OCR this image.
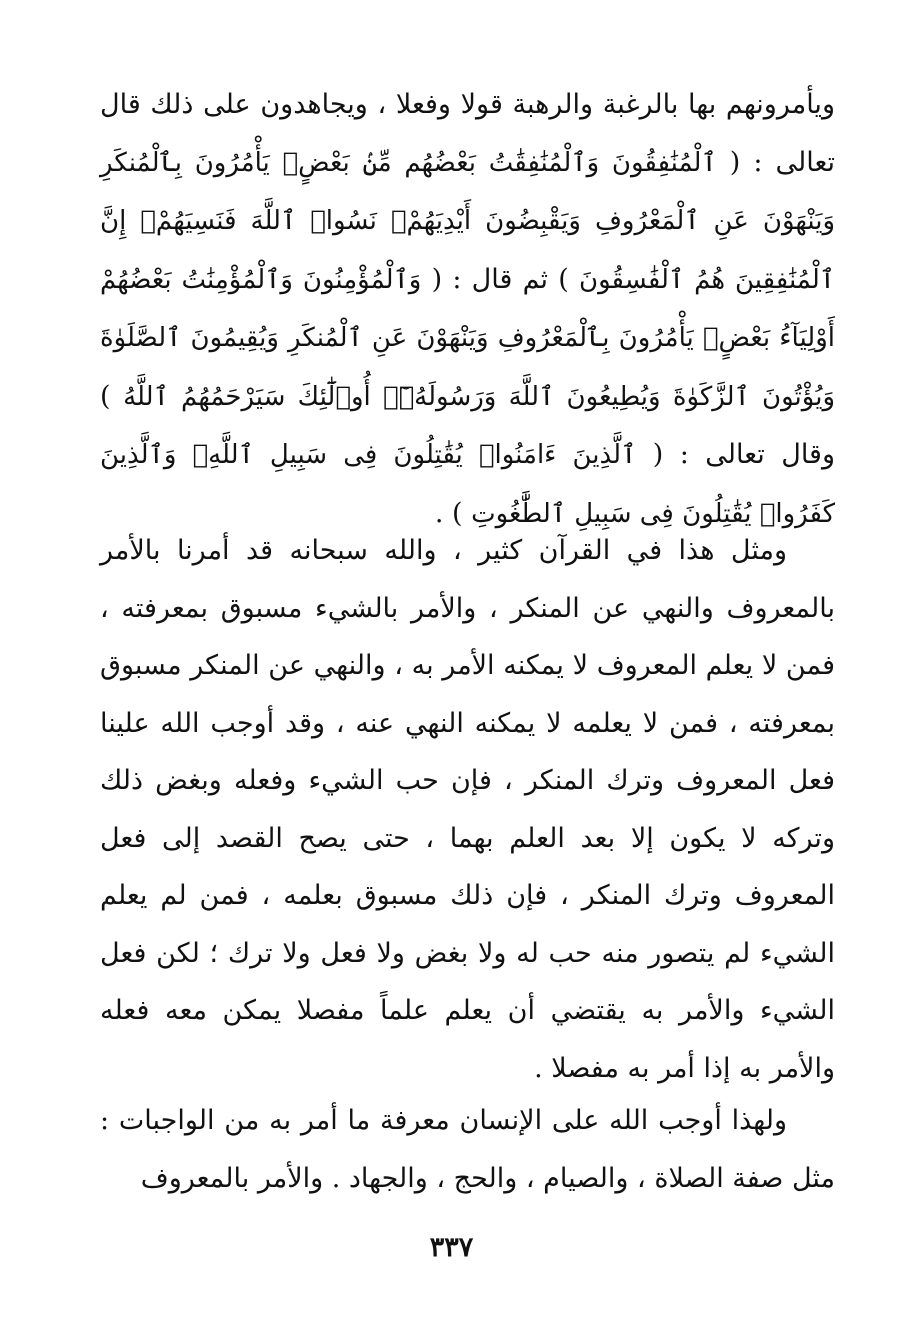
ويأمرونهم بها بالرغبة والرهبة قولا وفعلا ، ويجاهدون على ذلك قال تعالى : ( ٱلْمُنَٰفِقُونَ وَٱلْمُنَٰفِقَٰتُ بَعْضُهُم مِّنۢ بَعْضٍۚ يَأْمُرُونَ بِٱلْمُنكَرِ وَيَنْهَوْنَ عَنِ ٱلْمَعْرُوفِ وَيَقْبِضُونَ أَيْدِيَهُمْۚ نَسُوا۟ ٱللَّهَ فَنَسِيَهُمْۗ إِنَّ ٱلْمُنَٰفِقِينَ هُمُ ٱلْفَٰسِقُونَ ) ثم قال : ( وَٱلْمُؤْمِنُونَ وَٱلْمُؤْمِنَٰتُ بَعْضُهُمْ أَوْلِيَآءُ بَعْضٍۚ يَأْمُرُونَ بِٱلْمَعْرُوفِ وَيَنْهَوْنَ عَنِ ٱلْمُنكَرِ وَيُقِيمُونَ ٱلصَّلَوٰةَ وَيُؤْتُونَ ٱلزَّكَوٰةَ وَيُطِيعُونَ ٱللَّهَ وَرَسُولَهُۥٓۚ أُو۟لَٰٓئِكَ سَيَرْحَمُهُمُ ٱللَّهُ ) وقال تعالى : ( ٱلَّذِينَ ءَامَنُوا۟ يُقَٰتِلُونَ فِى سَبِيلِ ٱللَّهِۖ وَٱلَّذِينَ كَفَرُوا۟ يُقَٰتِلُونَ فِى سَبِيلِ ٱلطَّٰغُوتِ ) .

ومثل هذا في القرآن كثير ، والله سبحانه قد أمرنا بالأمر بالمعروف والنهي عن المنكر ، والأمر بالشيء مسبوق بمعرفته ، فمن لا يعلم المعروف لا يمكنه الأمر به ، والنهي عن المنكر مسبوق بمعرفته ، فمن لا يعلمه لا يمكنه النهي عنه ، وقد أوجب الله علينا فعل المعروف وترك المنكر ، فإن حب الشيء وفعله وبغض ذلك وتركه لا يكون إلا بعد العلم بهما ، حتى يصح القصد إلى فعل المعروف وترك المنكر ، فإن ذلك مسبوق بعلمه ، فمن لم يعلم الشيء لم يتصور منه حب له ولا بغض ولا فعل ولا ترك ؛ لكن فعل الشيء والأمر به يقتضي أن يعلم علماً مفصلا يمكن معه فعله والأمر به إذا أمر به مفصلا .

ولهذا أوجب الله على الإنسان معرفة ما أمر به من الواجبات : مثل صفة الصلاة ، والصيام ، والحج ، والجهاد . والأمر بالمعروف

٣٣٧
